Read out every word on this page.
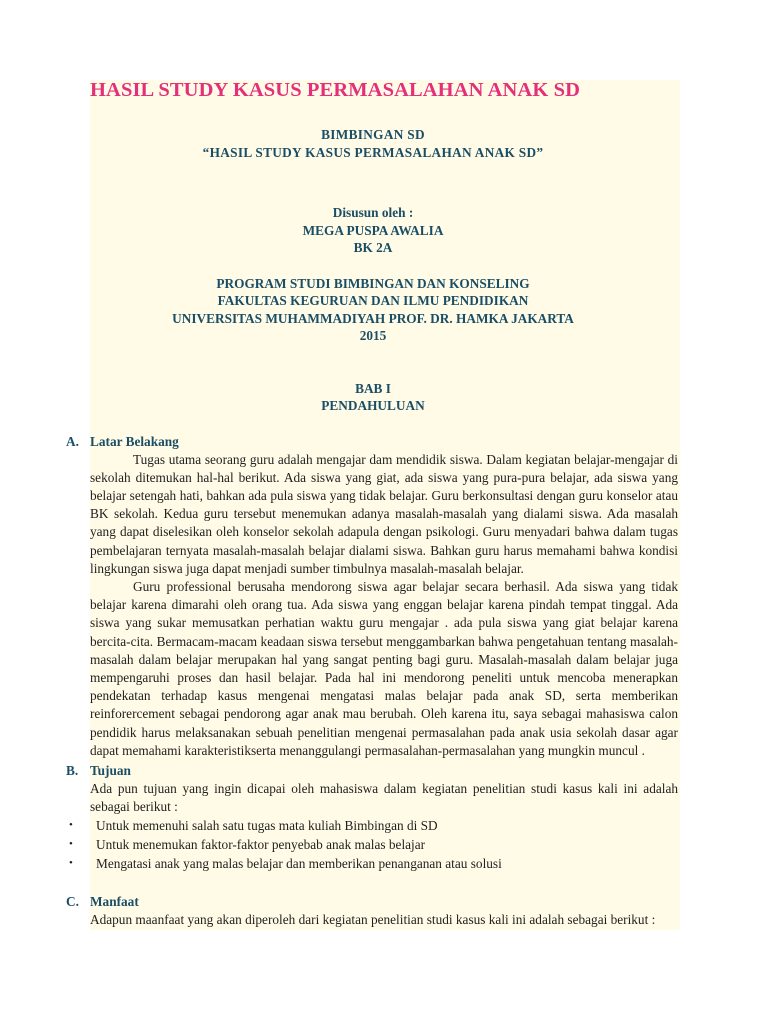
HASIL STUDY KASUS PERMASALAHAN ANAK SD
BIMBINGAN SD
“HASIL STUDY KASUS PERMASALAHAN ANAK SD”
Disusun oleh :
MEGA PUSPA AWALIA
BK 2A
PROGRAM STUDI BIMBINGAN DAN KONSELING
FAKULTAS KEGURUAN DAN ILMU PENDIDIKAN
UNIVERSITAS MUHAMMADIYAH PROF. DR. HAMKA JAKARTA
2015
BAB I
PENDAHULUAN
A. Latar Belakang
Tugas utama seorang guru adalah mengajar dam mendidik siswa. Dalam kegiatan belajar-mengajar di sekolah ditemukan hal-hal berikut. Ada siswa yang giat, ada siswa yang pura-pura belajar, ada siswa yang belajar setengah hati, bahkan ada pula siswa yang tidak belajar. Guru berkonsultasi dengan guru konselor atau BK sekolah. Kedua guru tersebut menemukan adanya masalah-masalah yang dialami siswa. Ada masalah yang dapat diselesikan oleh konselor sekolah adapula dengan psikologi. Guru menyadari bahwa dalam tugas pembelajaran ternyata masalah-masalah belajar dialami siswa. Bahkan guru harus memahami bahwa kondisi lingkungan siswa juga dapat menjadi sumber timbulnya masalah-masalah belajar.
Guru professional berusaha mendorong siswa agar belajar secara berhasil. Ada siswa yang tidak belajar karena dimarahi oleh orang tua. Ada siswa yang enggan belajar karena pindah tempat tinggal. Ada siswa yang sukar memusatkan perhatian waktu guru mengajar . ada pula siswa yang giat belajar karena bercita-cita. Bermacam-macam keadaan siswa tersebut menggambarkan bahwa pengetahuan tentang masalah-masalah dalam belajar merupakan hal yang sangat penting bagi guru. Masalah-masalah dalam belajar juga mempengaruhi proses dan hasil belajar. Pada hal ini mendorong peneliti untuk mencoba menerapkan pendekatan terhadap kasus mengenai mengatasi malas belajar pada anak SD, serta memberikan reinforercement sebagai pendorong agar anak mau berubah. Oleh karena itu, saya sebagai mahasiswa calon pendidik harus melaksanakan sebuah penelitian mengenai permasalahan pada anak usia sekolah dasar agar dapat memahami karakteristikserta menanggulangi permasalahan-permasalahan yang mungkin muncul .
B. Tujuan
Ada pun tujuan yang ingin dicapai oleh mahasiswa dalam kegiatan penelitian studi kasus kali ini adalah sebagai berikut :
•	Untuk memenuhi salah satu tugas mata kuliah Bimbingan di SD
•	Untuk menemukan faktor-faktor penyebab anak malas belajar
•	Mengatasi anak yang malas belajar dan memberikan penanganan atau solusi
C. Manfaat
Adapun maanfaat yang akan diperoleh dari kegiatan penelitian studi kasus kali ini adalah sebagai berikut :
